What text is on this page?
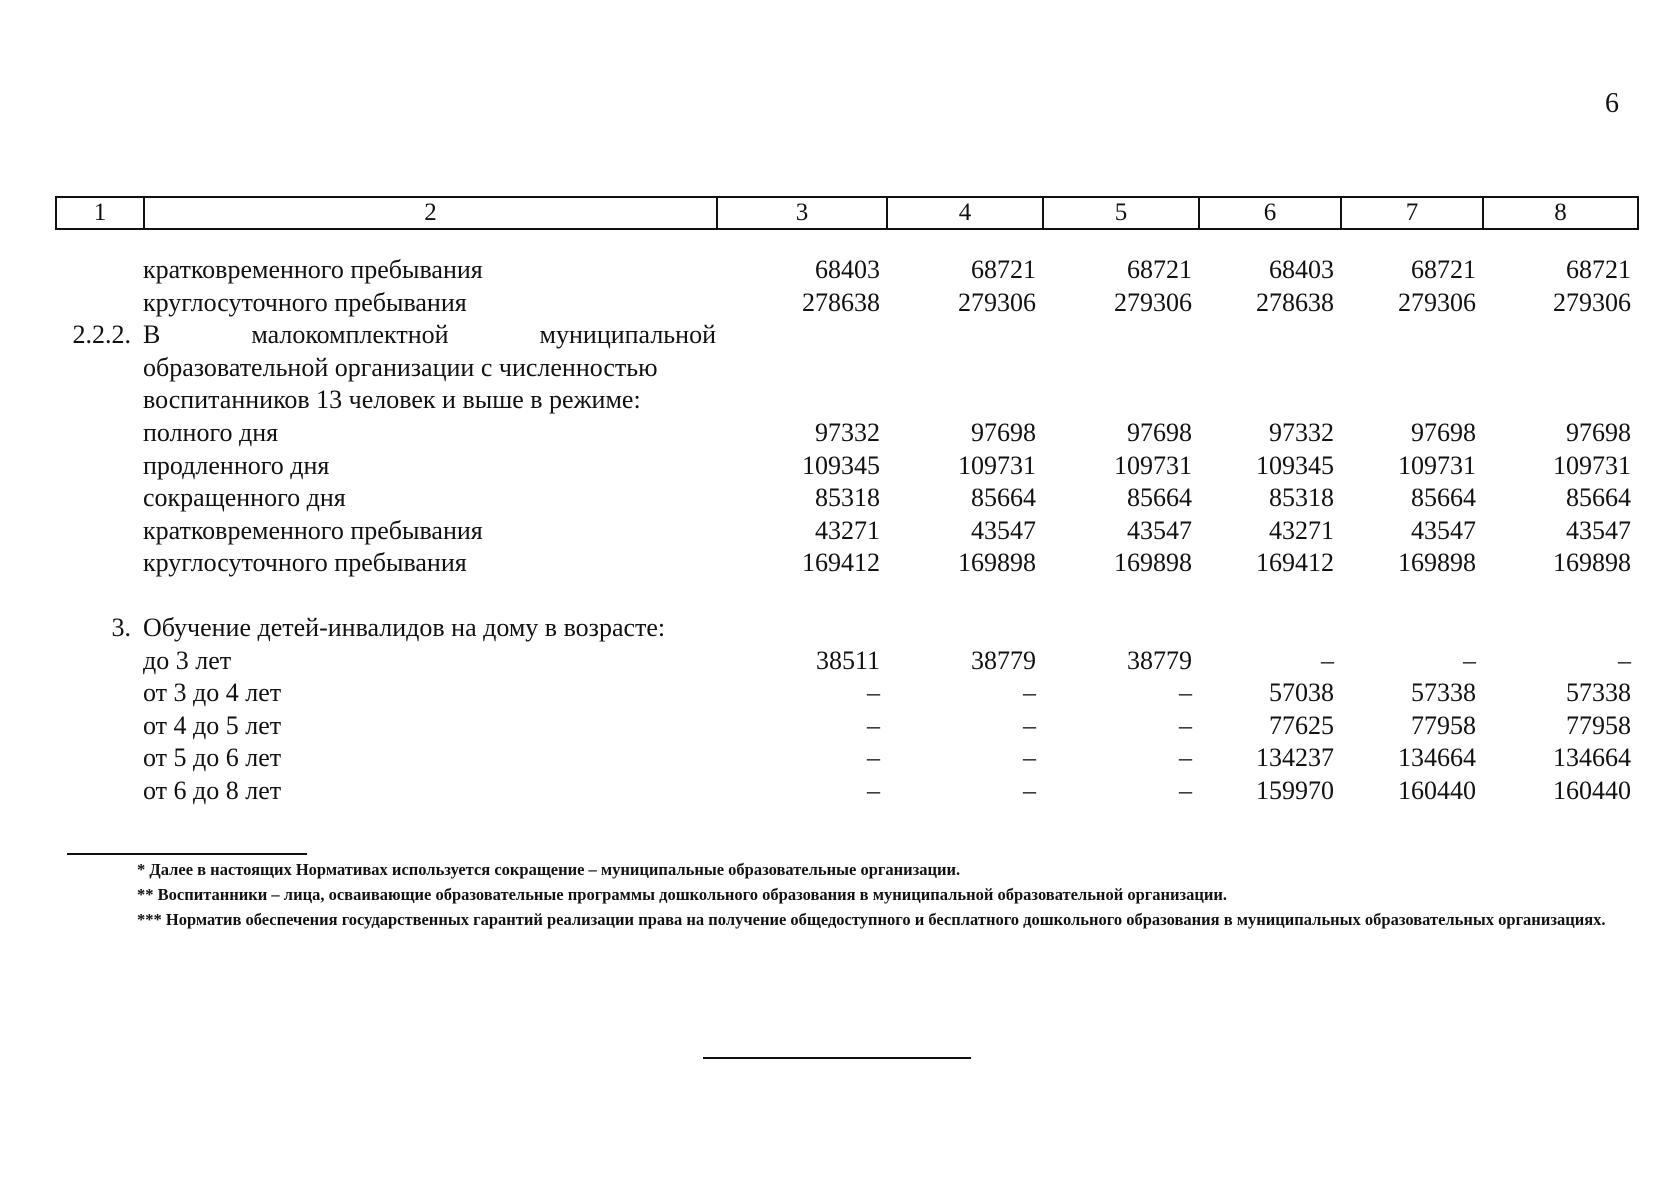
6
1	2	3	4	5	6	7	8
	кратковременного пребывания	68403	68721	68721	68403	68721	68721
	круглосуточного пребывания	278638	279306	279306	278638	279306	279306
2.2.2.	В малокомплектной муниципальной						
	образовательной организации с численностью						
	воспитанников 13 человек и выше в режиме:						
	полного дня	97332	97698	97698	97332	97698	97698
	продленного дня	109345	109731	109731	109345	109731	109731
	сокращенного дня	85318	85664	85664	85318	85664	85664
	кратковременного пребывания	43271	43547	43547	43271	43547	43547
	круглосуточного пребывания	169412	169898	169898	169412	169898	169898

3.	Обучение детей-инвалидов на дому в возрасте:						
	до 3 лет	38511	38779	38779	–	–	–
	от 3 до 4 лет	–	–	–	57038	57338	57338
	от 4 до 5 лет	–	–	–	77625	77958	77958
	от 5 до 6 лет	–	–	–	134237	134664	134664
	от 6 до 8 лет	–	–	–	159970	160440	160440

* Далее в настоящих Нормативах используется сокращение – муниципальные образовательные организации.

** Воспитанники – лица, осваивающие образовательные программы дошкольного образования в муниципальной образовательной организации.

*** Норматив обеспечения государственных гарантий реализации права на получение общедоступного и бесплатного дошкольного образования в муниципальных образовательных организациях.
